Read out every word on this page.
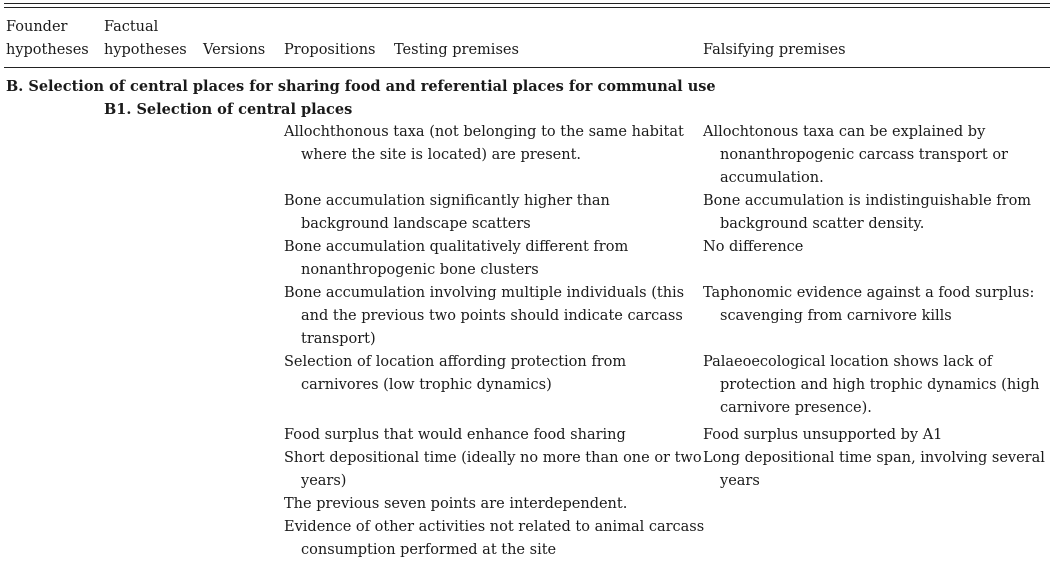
Founder
hypotheses
Factual
hypotheses Versions Propositions Testing premises	Falsifying premises
B. Selection of central places for sharing food and referential places for communal use
B1. Selection of central places
Allochthonous taxa (not belonging to the same habitat
where the site is located) are present.
Allochtonous taxa can be explained by
nonanthropogenic carcass transport or
accumulation.
Bone accumulation significantly higher than
background landscape scatters
Bone accumulation is indistinguishable from
background scatter density.
Bone accumulation qualitatively different from
nonanthropogenic bone clusters
No difference
Bone accumulation involving multiple individuals (this
and the previous two points should indicate carcass
transport)
Taphonomic evidence against a food surplus:
scavenging from carnivore kills
Selection of location affording protection from
carnivores (low trophic dynamics)
Palaeoecological location shows lack of
protection and high trophic dynamics (high
carnivore presence).
Food surplus that would enhance food sharing	Food surplus unsupported by A1
Short depositional time (ideally no more than one or two
years)
Long depositional time span, involving several
years
The previous seven points are interdependent.
Evidence of other activities not related to animal carcass
consumption performed at the site
